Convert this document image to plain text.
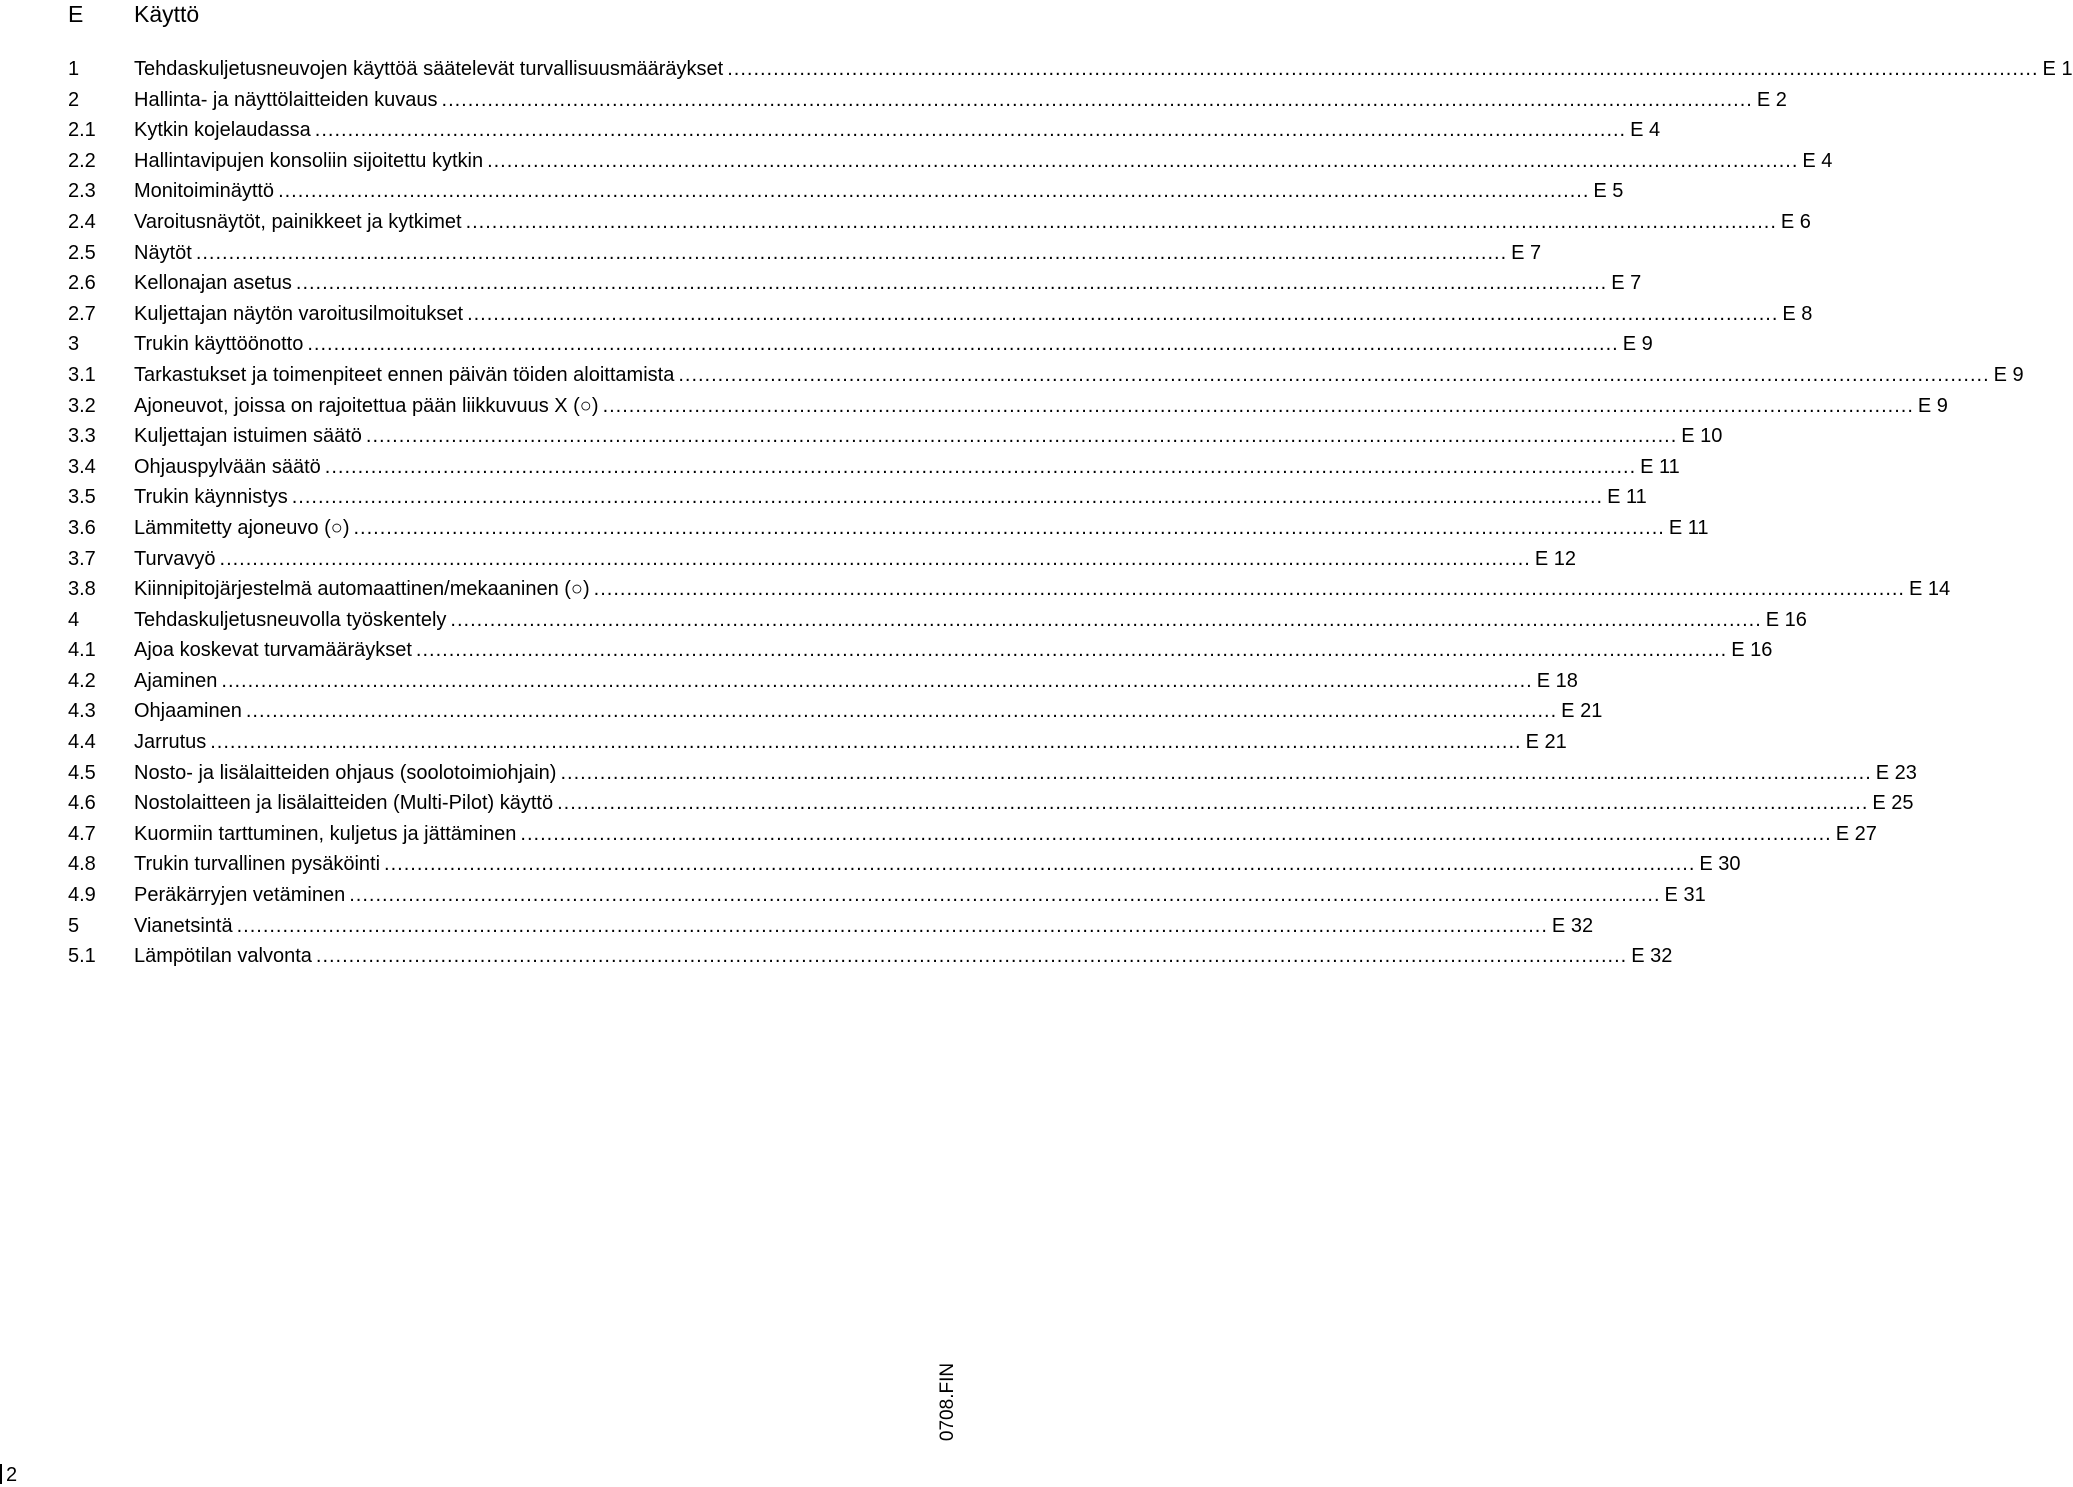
E Käyttö
1	Tehdaskuljetusneuvojen käyttöä säätelevät turvallisuusmääräykset ........................................................................................................................................................................................................ E 1
2	Hallinta- ja näyttölaitteiden kuvaus ........................................................................................................................................................................................................ E 2
2.1 Kytkin kojelaudassa ........................................................................................................................................................................................................ E 4
2.2 Hallintavipujen konsoliin sijoitettu kytkin ........................................................................................................................................................................................................ E 4
2.3 Monitoiminäyttö ........................................................................................................................................................................................................ E 5
2.4 Varoitusnäytöt, painikkeet ja kytkimet ........................................................................................................................................................................................................ E 6
2.5 Näytöt ........................................................................................................................................................................................................ E 7
2.6 Kellonajan asetus ........................................................................................................................................................................................................ E 7
2.7 Kuljettajan näytön varoitusilmoitukset ........................................................................................................................................................................................................ E 8
3	Trukin käyttöönotto ........................................................................................................................................................................................................ E 9
3.1 Tarkastukset ja toimenpiteet ennen päivän töiden aloittamista ........................................................................................................................................................................................................ E 9
3.2 Ajoneuvot, joissa on rajoitettua pään liikkuvuus X (○) ........................................................................................................................................................................................................ E 9
3.3 Kuljettajan istuimen säätö ........................................................................................................................................................................................................ E 10
3.4 Ohjauspylvään säätö ........................................................................................................................................................................................................ E 11
3.5 Trukin käynnistys ........................................................................................................................................................................................................ E 11
3.6 Lämmitetty ajoneuvo (○) ........................................................................................................................................................................................................ E 11
3.7 Turvavyö ........................................................................................................................................................................................................ E 12
3.8 Kiinnipitojärjestelmä automaattinen/mekaaninen (○) ........................................................................................................................................................................................................ E 14
4	Tehdaskuljetusneuvolla työskentely ........................................................................................................................................................................................................ E 16
4.1 Ajoa koskevat turvamääräykset ........................................................................................................................................................................................................ E 16
4.2 Ajaminen ........................................................................................................................................................................................................ E 18
4.3 Ohjaaminen ........................................................................................................................................................................................................ E 21
4.4 Jarrutus ........................................................................................................................................................................................................ E 21
4.5 Nosto- ja lisälaitteiden ohjaus (soolotoimiohjain) ........................................................................................................................................................................................................ E 23
4.6 Nostolaitteen ja lisälaitteiden (Multi-Pilot) käyttö ........................................................................................................................................................................................................ E 25
4.7 Kuormiin tarttuminen, kuljetus ja jättäminen ........................................................................................................................................................................................................ E 27
4.8 Trukin turvallinen pysäköinti ........................................................................................................................................................................................................ E 30
4.9 Peräkärryjen vetäminen ........................................................................................................................................................................................................ E 31
5	Vianetsintä ........................................................................................................................................................................................................ E 32
5.1 Lämpötilan valvonta ........................................................................................................................................................................................................ E 32
0708.FIN
2
